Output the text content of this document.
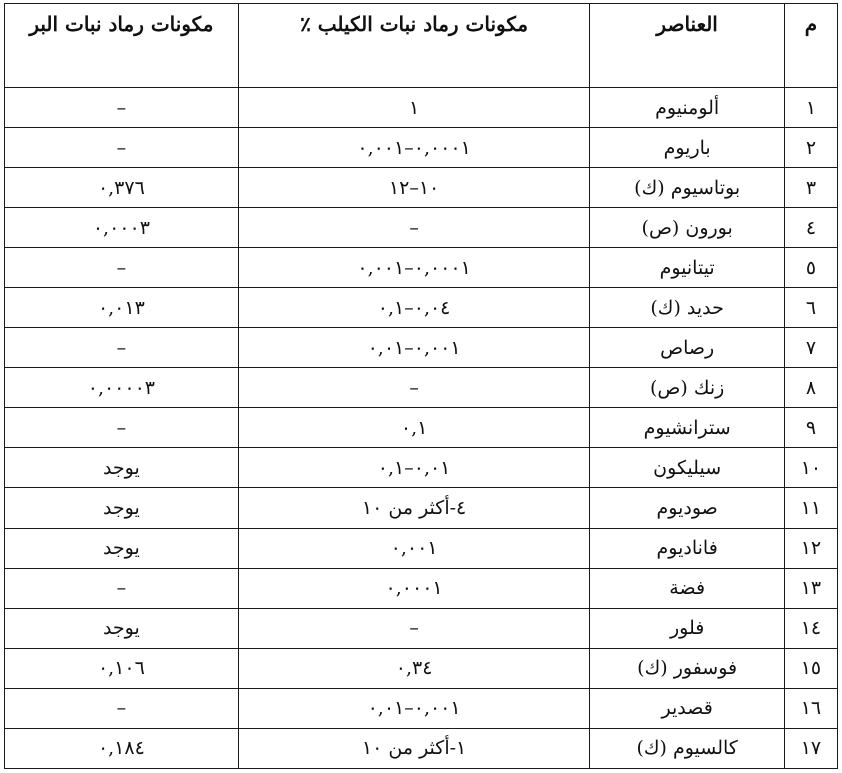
م	العناصر	مكونات رماد نبات الكيلب ٪	مكونات رماد نبات البر
١	ألومنيوم	١	–
٢	باريوم	٠,٠٠٠١–٠,٠٠١	–
٣	بوتاسيوم (ك)	١٠–١٢	٠,٣٧٦
٤	بورون (ص)	–	٠,٠٠٠٣
٥	تيتانيوم	٠,٠٠٠١–٠,٠٠١	–
٦	حديد (ك)	٠,٠٤–٠,١	٠,٠١٣
٧	رصاص	٠,٠٠١–٠,٠١	–
٨	زنك (ص)	–	٠,٠٠٠٠٣
٩	سترانشيوم	٠,١	–
١٠	سيليكون	٠,٠١–٠,١	يوجد
١١	صوديوم	٤-أكثر من ١٠	يوجد
١٢	فاناديوم	٠,٠٠١	يوجد
١٣	فضة	٠,٠٠٠١	–
١٤	فلور	–	يوجد
١٥	فوسفور (ك)	٠,٣٤	٠,١٠٦
١٦	قصدير	٠,٠٠١–٠,٠١	–
١٧	كالسيوم (ك)	١-أكثر من ١٠	٠,١٨٤
